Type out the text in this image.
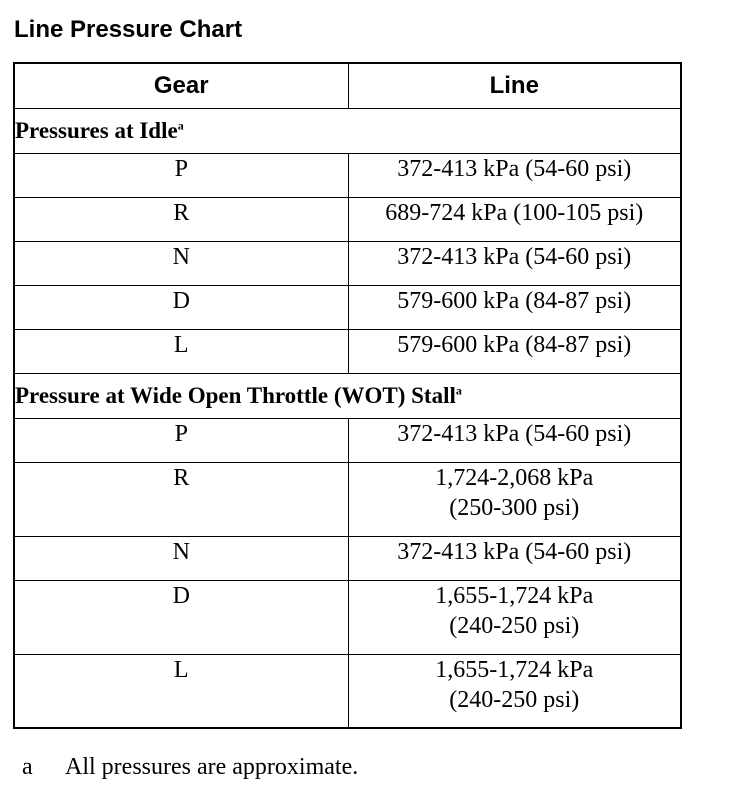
Line Pressure Chart
Gear	Line
Pressures at Idle$^a$
P	372-413 kPa (54-60 psi)

R	689-724 kPa (100-105 psi)

N	372-413 kPa (54-60 psi)

D	579-600 kPa (84-87 psi)

L	579-600 kPa (84-87 psi)

Pressure at Wide Open Throttle (WOT) Stall$^a$
P	372-413 kPa (54-60 psi)

R	1,724-2,068 kPa
(250-300 psi)

N	372-413 kPa (54-60 psi)

D	1,655-1,724 kPa
(240-250 psi)

L	1,655-1,724 kPa
(240-250 psi)
a All pressures are approximate.
